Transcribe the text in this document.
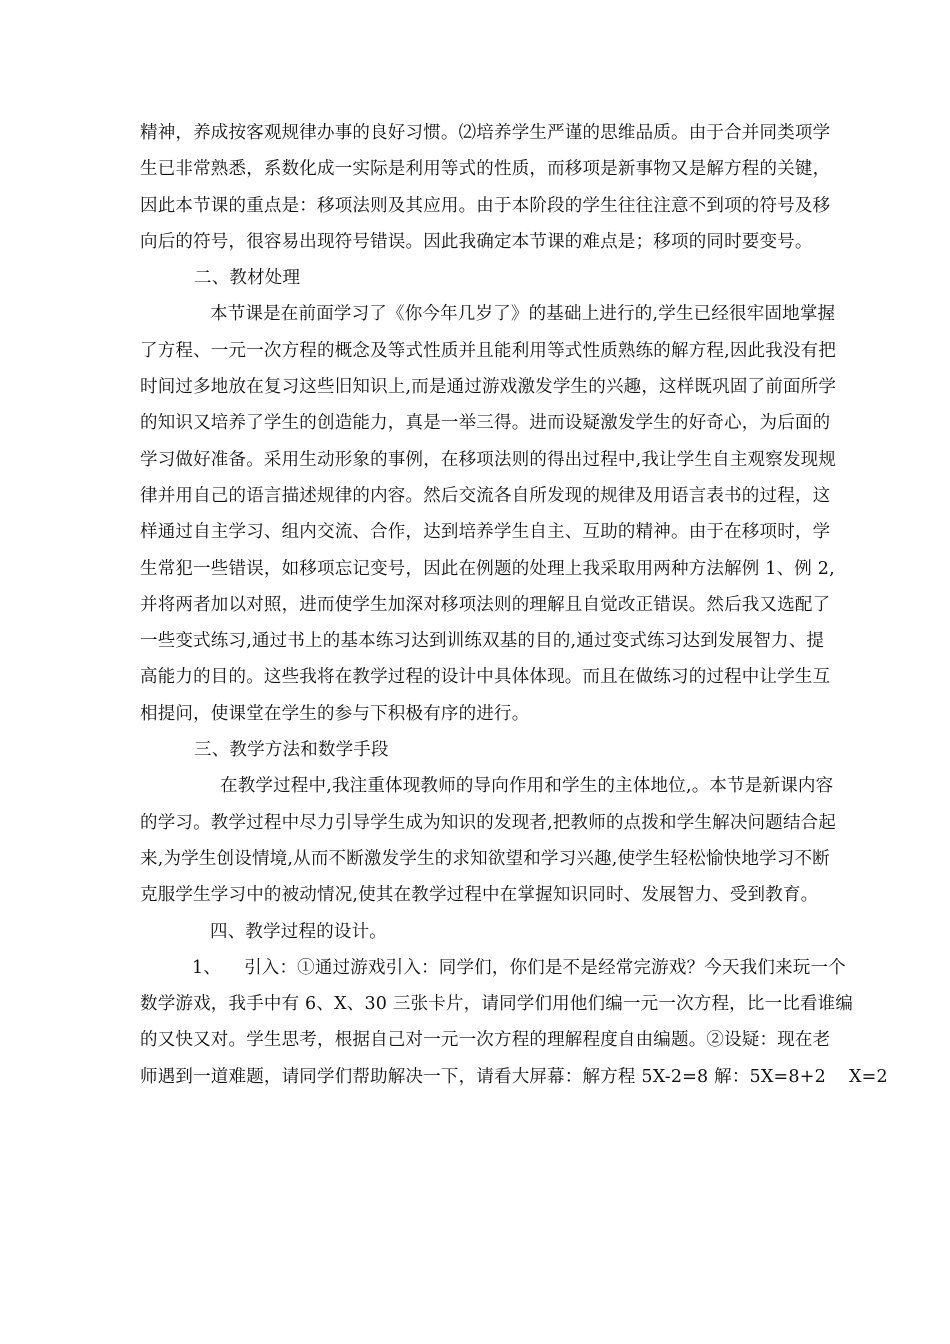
精神，养成按客观规律办事的良好习惯。⑵培养学生严谨的思维品质。由于合并同类项学
生已非常熟悉，系数化成一实际是利用等式的性质，而移项是新事物又是解方程的关键，
因此本节课的重点是：移项法则及其应用。由于本阶段的学生往往注意不到项的符号及移
向后的符号，很容易出现符号错误。因此我确定本节课的难点是；移项的同时要变号。
二、教材处理
本节课是在前面学习了《你今年几岁了》的基础上进行的,学生已经很牢固地掌握
了方程、一元一次方程的概念及等式性质并且能利用等式性质熟练的解方程,因此我没有把
时间过多地放在复习这些旧知识上,而是通过游戏激发学生的兴趣，这样既巩固了前面所学
的知识又培养了学生的创造能力，真是一举三得。进而设疑激发学生的好奇心，为后面的
学习做好准备。采用生动形象的事例，在移项法则的得出过程中,我让学生自主观察发现规
律并用自己的语言描述规律的内容。然后交流各自所发现的规律及用语言表书的过程，这
样通过自主学习、组内交流、合作，达到培养学生自主、互助的精神。由于在移项时，学
生常犯一些错误，如移项忘记变号，因此在例题的处理上我采取用两种方法解例 1、例 2,
并将两者加以对照，进而使学生加深对移项法则的理解且自觉改正错误。然后我又选配了
一些变式练习,通过书上的基本练习达到训练双基的目的,通过变式练习达到发展智力、提
高能力的目的。这些我将在教学过程的设计中具体体现。而且在做练习的过程中让学生互
相提问，使课堂在学生的参与下积极有序的进行。
三、教学方法和数学手段
在教学过程中,我注重体现教师的导向作用和学生的主体地位,。本节是新课内容
的学习。教学过程中尽力引导学生成为知识的发现者,把教师的点拨和学生解决问题结合起
来,为学生创设情境,从而不断激发学生的求知欲望和学习兴趣,使学生轻松愉快地学习不断
克服学生学习中的被动情况,使其在教学过程中在掌握知识同时、发展智力、受到教育。
四、教学过程的设计。
1、    引入：①通过游戏引入：同学们，你们是不是经常完游戏？今天我们来玩一个
数学游戏，我手中有 6、X、30 三张卡片，请同学们用他们编一元一次方程，比一比看谁编
的又快又对。学生思考，根据自己对一元一次方程的理解程度自由编题。②设疑：现在老
师遇到一道难题，请同学们帮助解决一下，请看大屏幕：解方程 5X-2=8 解：5X=8+2    X=2
